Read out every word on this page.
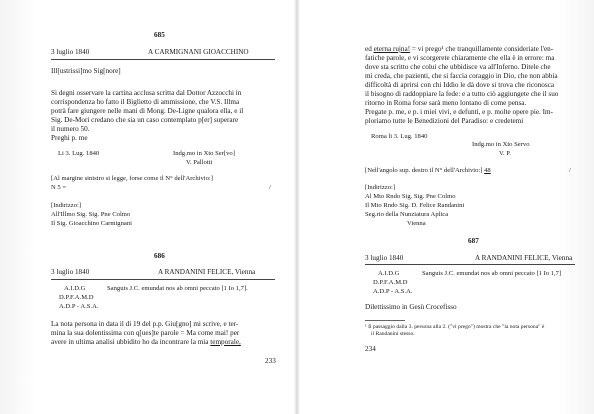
685
3 luglio 1840	A CARMIGNANI GIOACCHINO
Ill[ustrissi]mo Sig[nore]
Si degni osservare la cartina acclusa scritta dal Dottor Azzocchi in
corrispondenza ho fatto il Biglietto di ammissione, che V.S. Illma
potrà fare giungere nelle mani di Mong. De-Ligne qualora ella, e il
Sig. De-Mori credano che sia un caso contemplato p[er] superare
il numero 50.
Preghi p. me
Li 3. Lug. 1840	Indg.mo in Xto Ser[vo]
V. Pallotti
[Al margine sinistro si legge, forse come il N° dell'Archivio:]
N 5 =	/
[Indirizzo:]
All'Illmo Sig. Sig. Pne Colmo
Il Sig. Gioacchino Carmignani
686
3 luglio 1840	A RANDANINI FELICE, Vienna
A.I.D.G	Sanguis J.C. emundat nos ab omni peccato [1 Io 1,7].
D.P.F.A.M.D
A.D.P - A.S.A.
La nota persona in data il di 19 del p.p. Giu[gno] mi scrive, e ter-
mina la sua dolentissima con q[ues]te parole = Ma come mai! per
avere in ultima analisi ubbidito ho da incontrare la mia temporale,
233
ed eterna rujna! = vi prego¹ che tranquillamente consideriate l'en-
fatiche parole, e vi scorgerete chiaramente che ella è in errore: ma
dove sta scritto che colui che ubbidisce va all'Inferno. Ditele che
mi creda, che pazienti, che si faccia coraggio in Dio, che non abbia
difficoltà di aprirsi con chi Iddio le dà dove si trova che riconosca
il bisogno di raddoppiare la fede: e a tutto ciò aggiungete che il suo
ritorno in Roma forse sarà meno lontano di come pensa.
Pregate p. me, e p. i miei vivi, e defunti, e p. molte opere pie. Im-
ploriamo tutte le Benedizioni del Paradiso: e credetemi
Roma li 3. Lug. 1840
Indg.mo in Xto Servo
V. P.
[Nell'angolo sup. destro il N° dell'Archivio:] 48	/
[Indirizzo:]
Al Mto Rndo Sig. Sig. Pne Colmo
Il Mto Rndo Sig. D. Felice Randanini
Seg.rio della Nunziatura Aplica
Vienna
687
3 luglio 1840	A RANDANINI FELICE, Vienna
A.I.D.G	Sanguis J.C. emundat nos ab omni peccato [1 Io 1,7]
D.P.F.A.M.D
A.D.P - A.S.A.
Dilettissimo in Gesù Crocefisso
¹ Il passaggio dalla 3. persona alla 2. ("vi prego") mostra che "la nota persona" è
il Randanini stesso.
234
